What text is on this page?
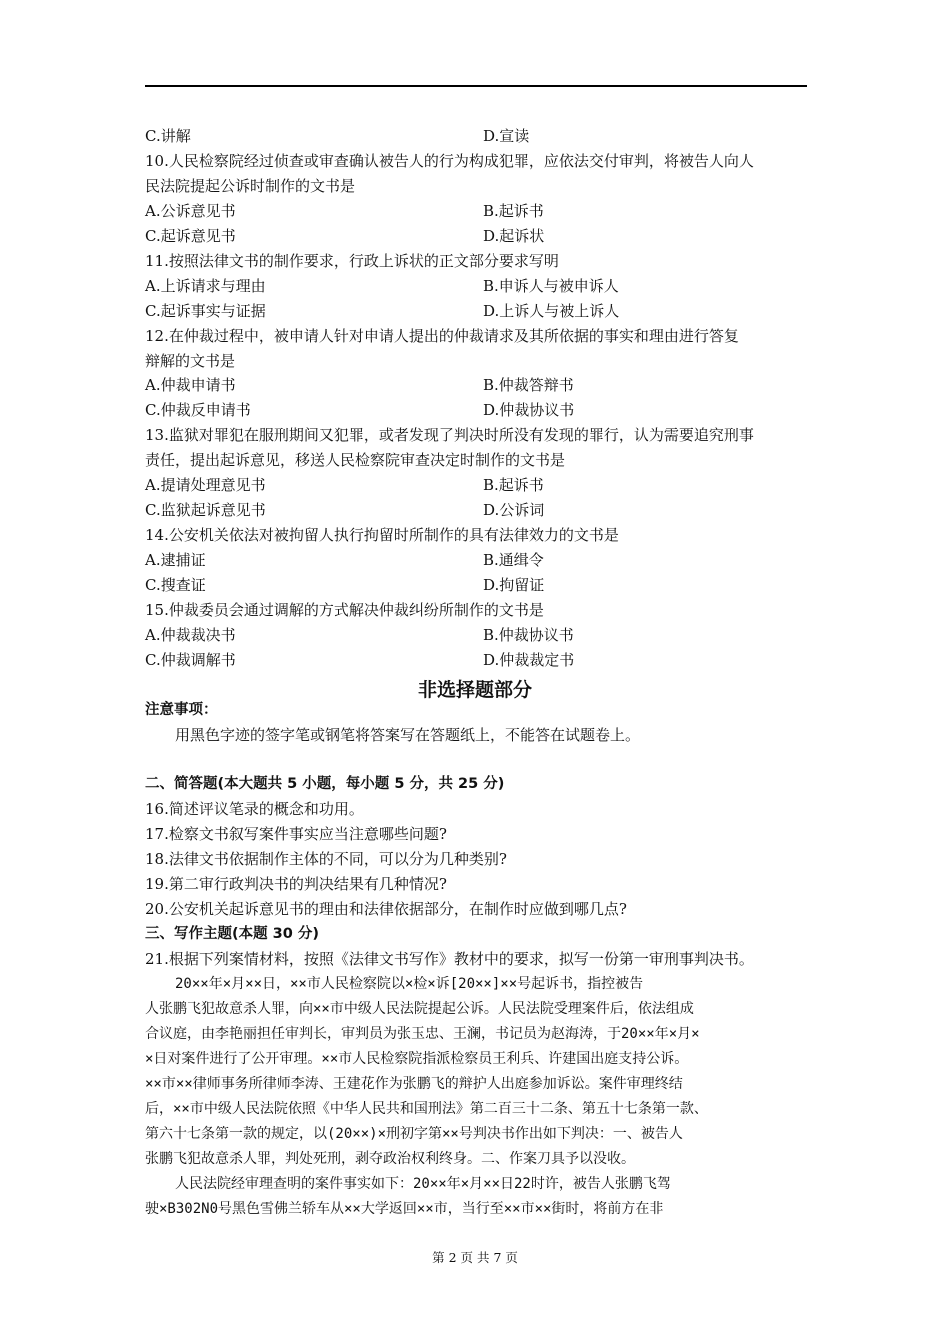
C.讲解	D.宣读
10.人民检察院经过侦查或审查确认被告人的行为构成犯罪，应依法交付审判，将被告人向人
民法院提起公诉时制作的文书是
A.公诉意见书	B.起诉书
C.起诉意见书	D.起诉状
11.按照法律文书的制作要求，行政上诉状的正文部分要求写明
A.上诉请求与理由	B.申诉人与被申诉人
C.起诉事实与证据	D.上诉人与被上诉人
12.在仲裁过程中，被申请人针对申请人提出的仲裁请求及其所依据的事实和理由进行答复
辩解的文书是
A.仲裁申请书	B.仲裁答辩书
C.仲裁反申请书	D.仲裁协议书
13.监狱对罪犯在服刑期间又犯罪，或者发现了判决时所没有发现的罪行，认为需要追究刑事
责任，提出起诉意见，移送人民检察院审查决定时制作的文书是
A.提请处理意见书	B.起诉书
C.监狱起诉意见书	D.公诉词
14.公安机关依法对被拘留人执行拘留时所制作的具有法律效力的文书是
A.逮捕证	B.通缉令
C.搜查证	D.拘留证
15.仲裁委员会通过调解的方式解决仲裁纠纷所制作的文书是
A.仲裁裁决书	B.仲裁协议书
C.仲裁调解书	D.仲裁裁定书
非选择题部分
注意事项：
用黑色字迹的签字笔或钢笔将答案写在答题纸上，不能答在试题卷上。
二、简答题(本大题共 5 小题，每小题 5 分，共 25 分)
16.简述评议笔录的概念和功用。
17.检察文书叙写案件事实应当注意哪些问题?
18.法律文书依据制作主体的不同，可以分为几种类别?
19.第二审行政判决书的判决结果有几种情况?
20.公安机关起诉意见书的理由和法律依据部分，在制作时应做到哪几点?
三、写作主题(本题 30 分)
21.根据下列案情材料，按照《法律文书写作》教材中的要求，拟写一份第一审刑事判决书。
20××年×月××日，××市人民检察院以×检×诉[20××]××号起诉书，指控被告
人张鹏飞犯故意杀人罪，向××市中级人民法院提起公诉。人民法院受理案件后，依法组成
合议庭，由李艳丽担任审判长，审判员为张玉忠、王澜，书记员为赵海涛，于20××年×月×
×日对案件进行了公开审理。××市人民检察院指派检察员王利兵、许建国出庭支持公诉。
××市××律师事务所律师李涛、王建花作为张鹏飞的辩护人出庭参加诉讼。案件审理终结
后，××市中级人民法院依照《中华人民共和国刑法》第二百三十二条、第五十七条第一款、
第六十七条第一款的规定，以(20××)×刑初字第××号判决书作出如下判决：一、被告人
张鹏飞犯故意杀人罪，判处死刑，剥夺政治权利终身。二、作案刀具予以没收。
人民法院经审理查明的案件事实如下：20××年×月××日22时许，被告人张鹏飞驾
驶×B302N0号黑色雪佛兰轿车从××大学返回××市，当行至××市××街时，将前方在非
第 2 页 共 7 页
